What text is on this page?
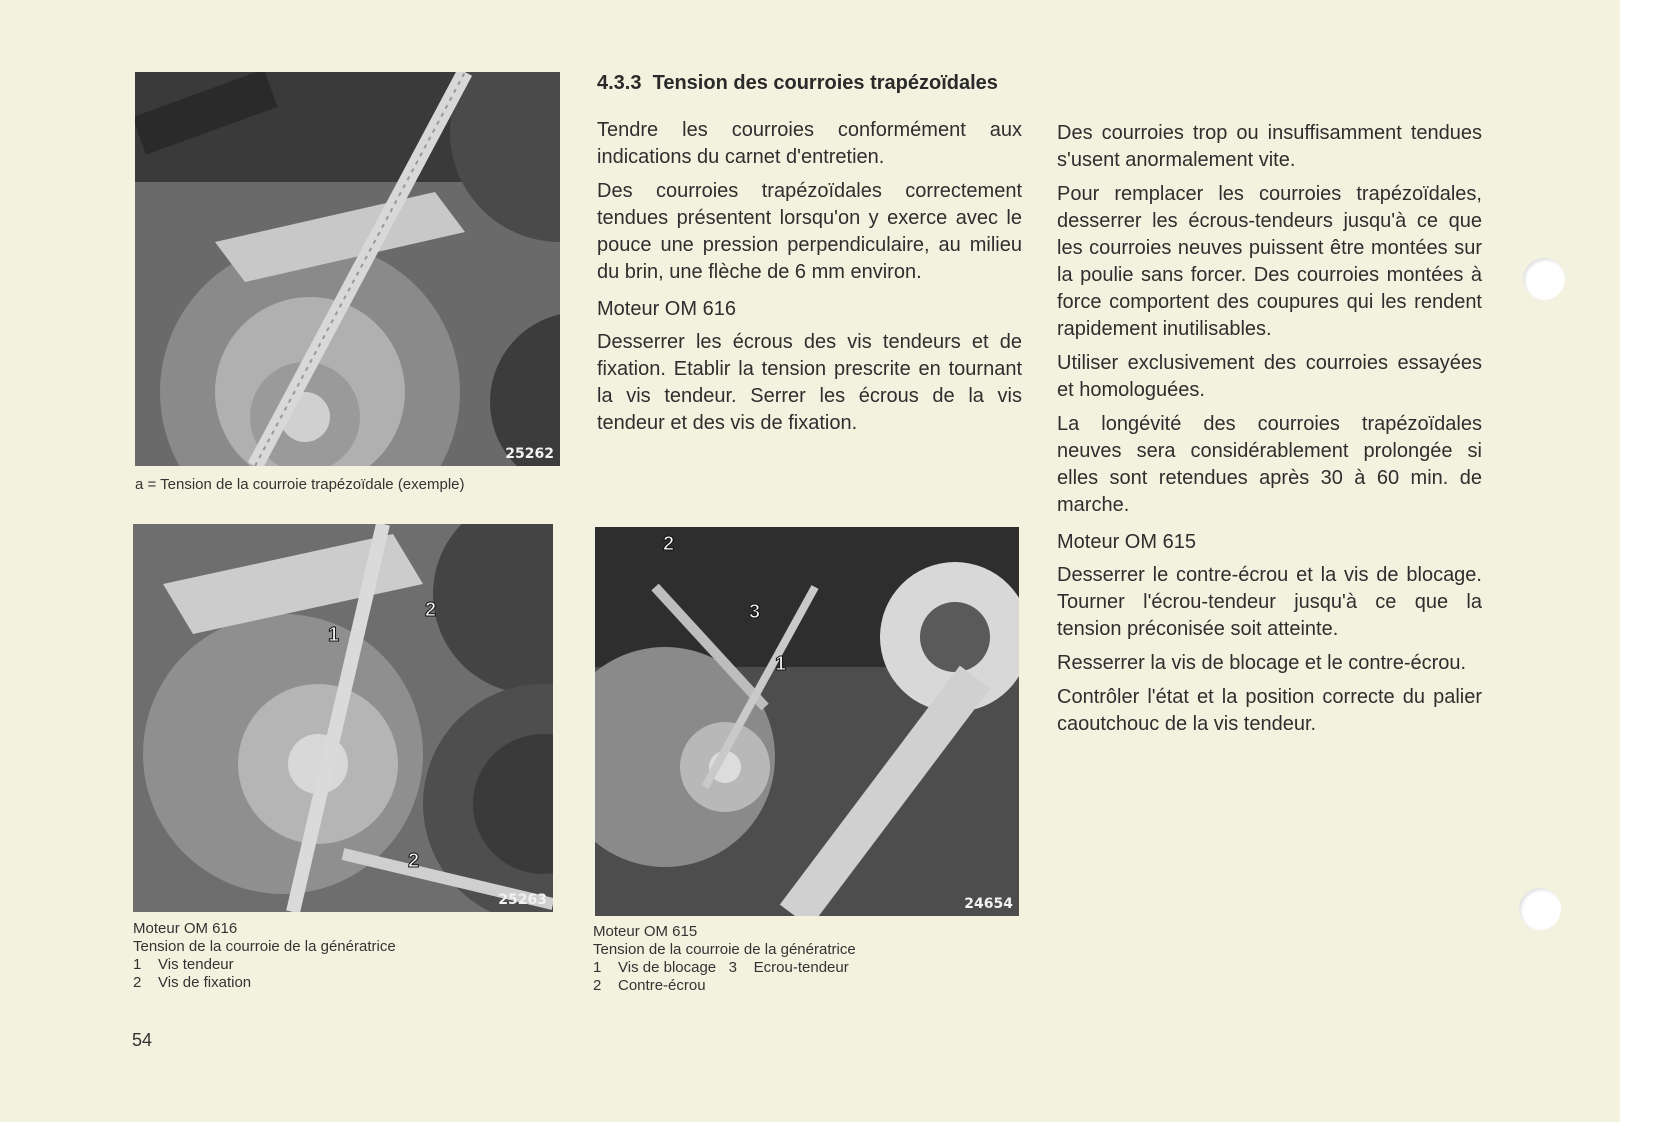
25262
a = Tension de la courroie trapézoïdale (exemple)
2
1
2
25263
Moteur OM 616
Tension de la courroie de la génératrice
1    Vis tendeur
2    Vis de fixation
2
3
1
24654
Moteur OM 615
Tension de la courroie de la génératrice
1    Vis de blocage   3    Ecrou-tendeur
2    Contre-écrou
4.3.3 Tension des courroies trapézoïdales

Tendre les courroies conformément aux indications du carnet d'entretien.

Des courroies trapézoïdales correctement tendues présentent lorsqu'on y exerce avec le pouce une pression perpendiculaire, au milieu du brin, une flèche de 6 mm environ.

Moteur OM 616

Desserrer les écrous des vis tendeurs et de fixation. Etablir la tension prescrite en tournant la vis tendeur. Serrer les écrous de la vis tendeur et des vis de fixation.

Des courroies trop ou insuffisamment tendues s'usent anormalement vite.

Pour remplacer les courroies trapézoïdales, desserrer les écrous-tendeurs jusqu'à ce que les courroies neuves puissent être montées sur la poulie sans forcer. Des courroies montées à force comportent des coupures qui les rendent rapidement inutilisables.

Utiliser exclusivement des courroies essayées et homologuées.

La longévité des courroies trapézoïdales neuves sera considérablement prolongée si elles sont retendues après 30 à 60 min. de marche.

Moteur OM 615

Desserrer le contre-écrou et la vis de blocage. Tourner l'écrou-tendeur jusqu'à ce que la tension préconisée soit atteinte.

Resserrer la vis de blocage et le contre-écrou.

Contrôler l'état et la position correcte du palier caoutchouc de la vis tendeur.

54
